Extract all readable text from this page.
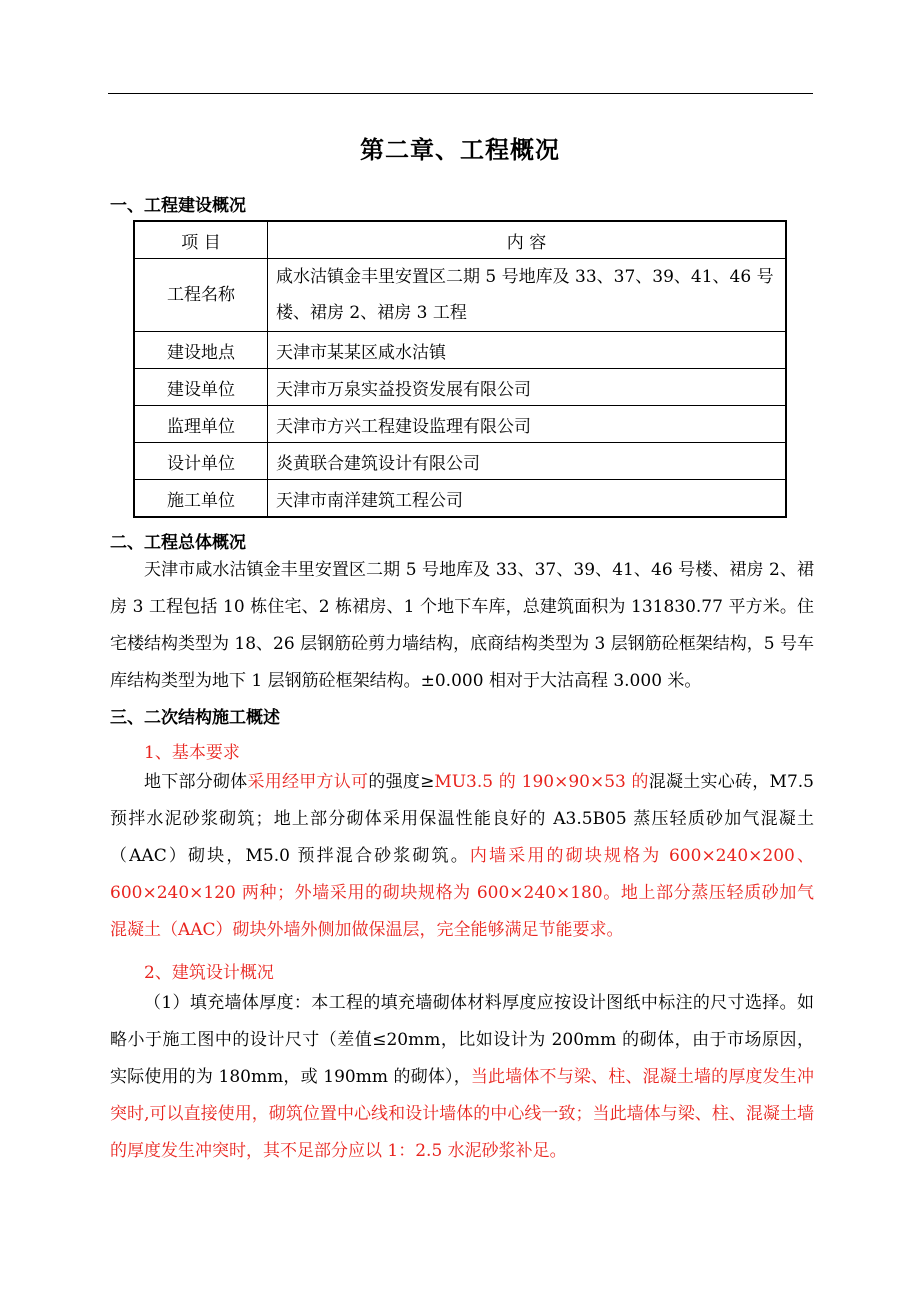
第二章、工程概况
一、工程建设概况
项 目	内 容
工程名称	咸水沽镇金丰里安置区二期 5 号地库及 33、37、39、41、46 号
楼、裙房 2、裙房 3 工程
建设地点	天津市某某区咸水沽镇
建设单位	天津市万泉实益投资发展有限公司
监理单位	天津市方兴工程建设监理有限公司
设计单位	炎黄联合建筑设计有限公司
施工单位	天津市南洋建筑工程公司
二、工程总体概况
天津市咸水沽镇金丰里安置区二期 5 号地库及 33、37、39、41、46 号楼、裙房 2、裙房 3 工程包括 10 栋住宅、2 栋裙房、1 个地下车库，总建筑面积为 131830.77 平方米。住宅楼结构类型为 18、26 层钢筋砼剪力墙结构，底商结构类型为 3 层钢筋砼框架结构，5 号车库结构类型为地下 1 层钢筋砼框架结构。±0.000 相对于大沽高程 3.000 米。
三、二次结构施工概述
1、基本要求
地下部分砌体采用经甲方认可的强度≥MU3.5 的 190×90×53 的混凝土实心砖，M7.5 预拌水泥砂浆砌筑；地上部分砌体采用保温性能良好的 A3.5B05 蒸压轻质砂加气混凝土（AAC）砌块，M5.0 预拌混合砂浆砌筑。内墙采用的砌块规格为 600×240×200、600×240×120 两种；外墙采用的砌块规格为 600×240×180。地上部分蒸压轻质砂加气混凝土（AAC）砌块外墙外侧加做保温层，完全能够满足节能要求。
2、建筑设计概况
（1）填充墙体厚度：本工程的填充墙砌体材料厚度应按设计图纸中标注的尺寸选择。如略小于施工图中的设计尺寸（差值≤20mm，比如设计为 200mm 的砌体，由于市场原因，实际使用的为 180mm，或 190mm 的砌体），当此墙体不与梁、柱、混凝土墙的厚度发生冲突时,可以直接使用，砌筑位置中心线和设计墙体的中心线一致；当此墙体与梁、柱、混凝土墙的厚度发生冲突时，其不足部分应以 1：2.5 水泥砂浆补足。
